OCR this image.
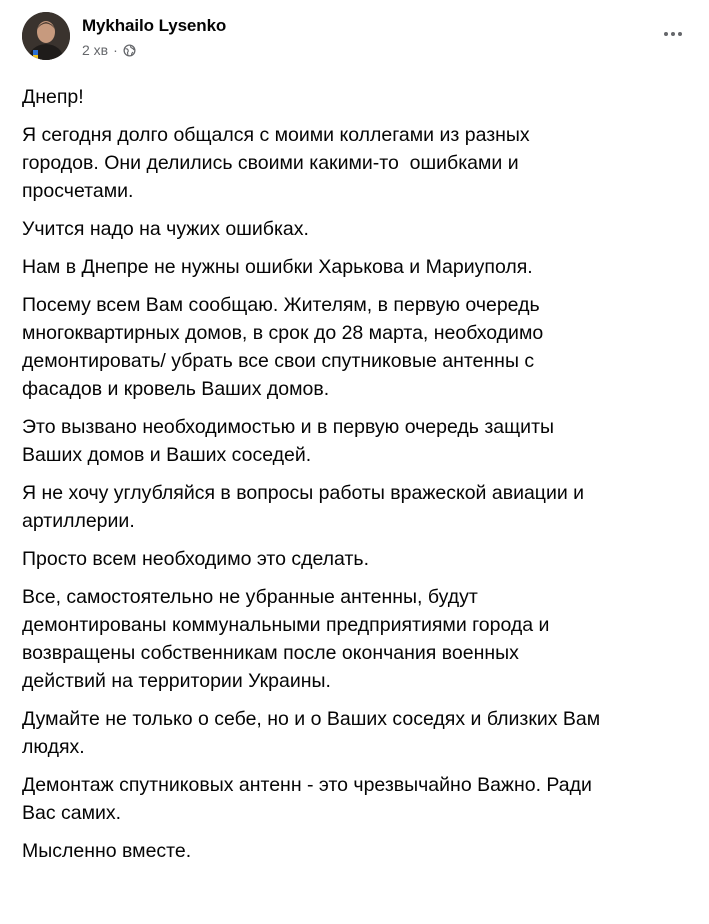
Mykhailo Lysenko
2 хв ·

Днепр!

Я сегодня долго общался с моими коллегами из разных
городов. Они делились своими какими-то  ошибками и
просчетами.

Учится надо на чужих ошибках.

Нам в Днепре не нужны ошибки Харькова и Мариуполя.

Посему всем Вам сообщаю. Жителям, в первую очередь
многоквартирных домов, в срок до 28 марта, необходимо
демонтировать/ убрать все свои спутниковые антенны с
фасадов и кровель Ваших домов.

Это вызвано необходимостью и в первую очередь защиты
Ваших домов и Ваших соседей.

Я не хочу углубляйся в вопросы работы вражеской авиации и
артиллерии.

Просто всем необходимо это сделать.

Все, самостоятельно не убранные антенны, будут
демонтированы коммунальными предприятиями города и
возвращены собственникам после окончания военных
действий на территории Украины.

Думайте не только о себе, но и о Ваших соседях и близких Вам
людях.

Демонтаж спутниковых антенн - это чрезвычайно Важно. Ради
Вас самих.

Мысленно вместе.
